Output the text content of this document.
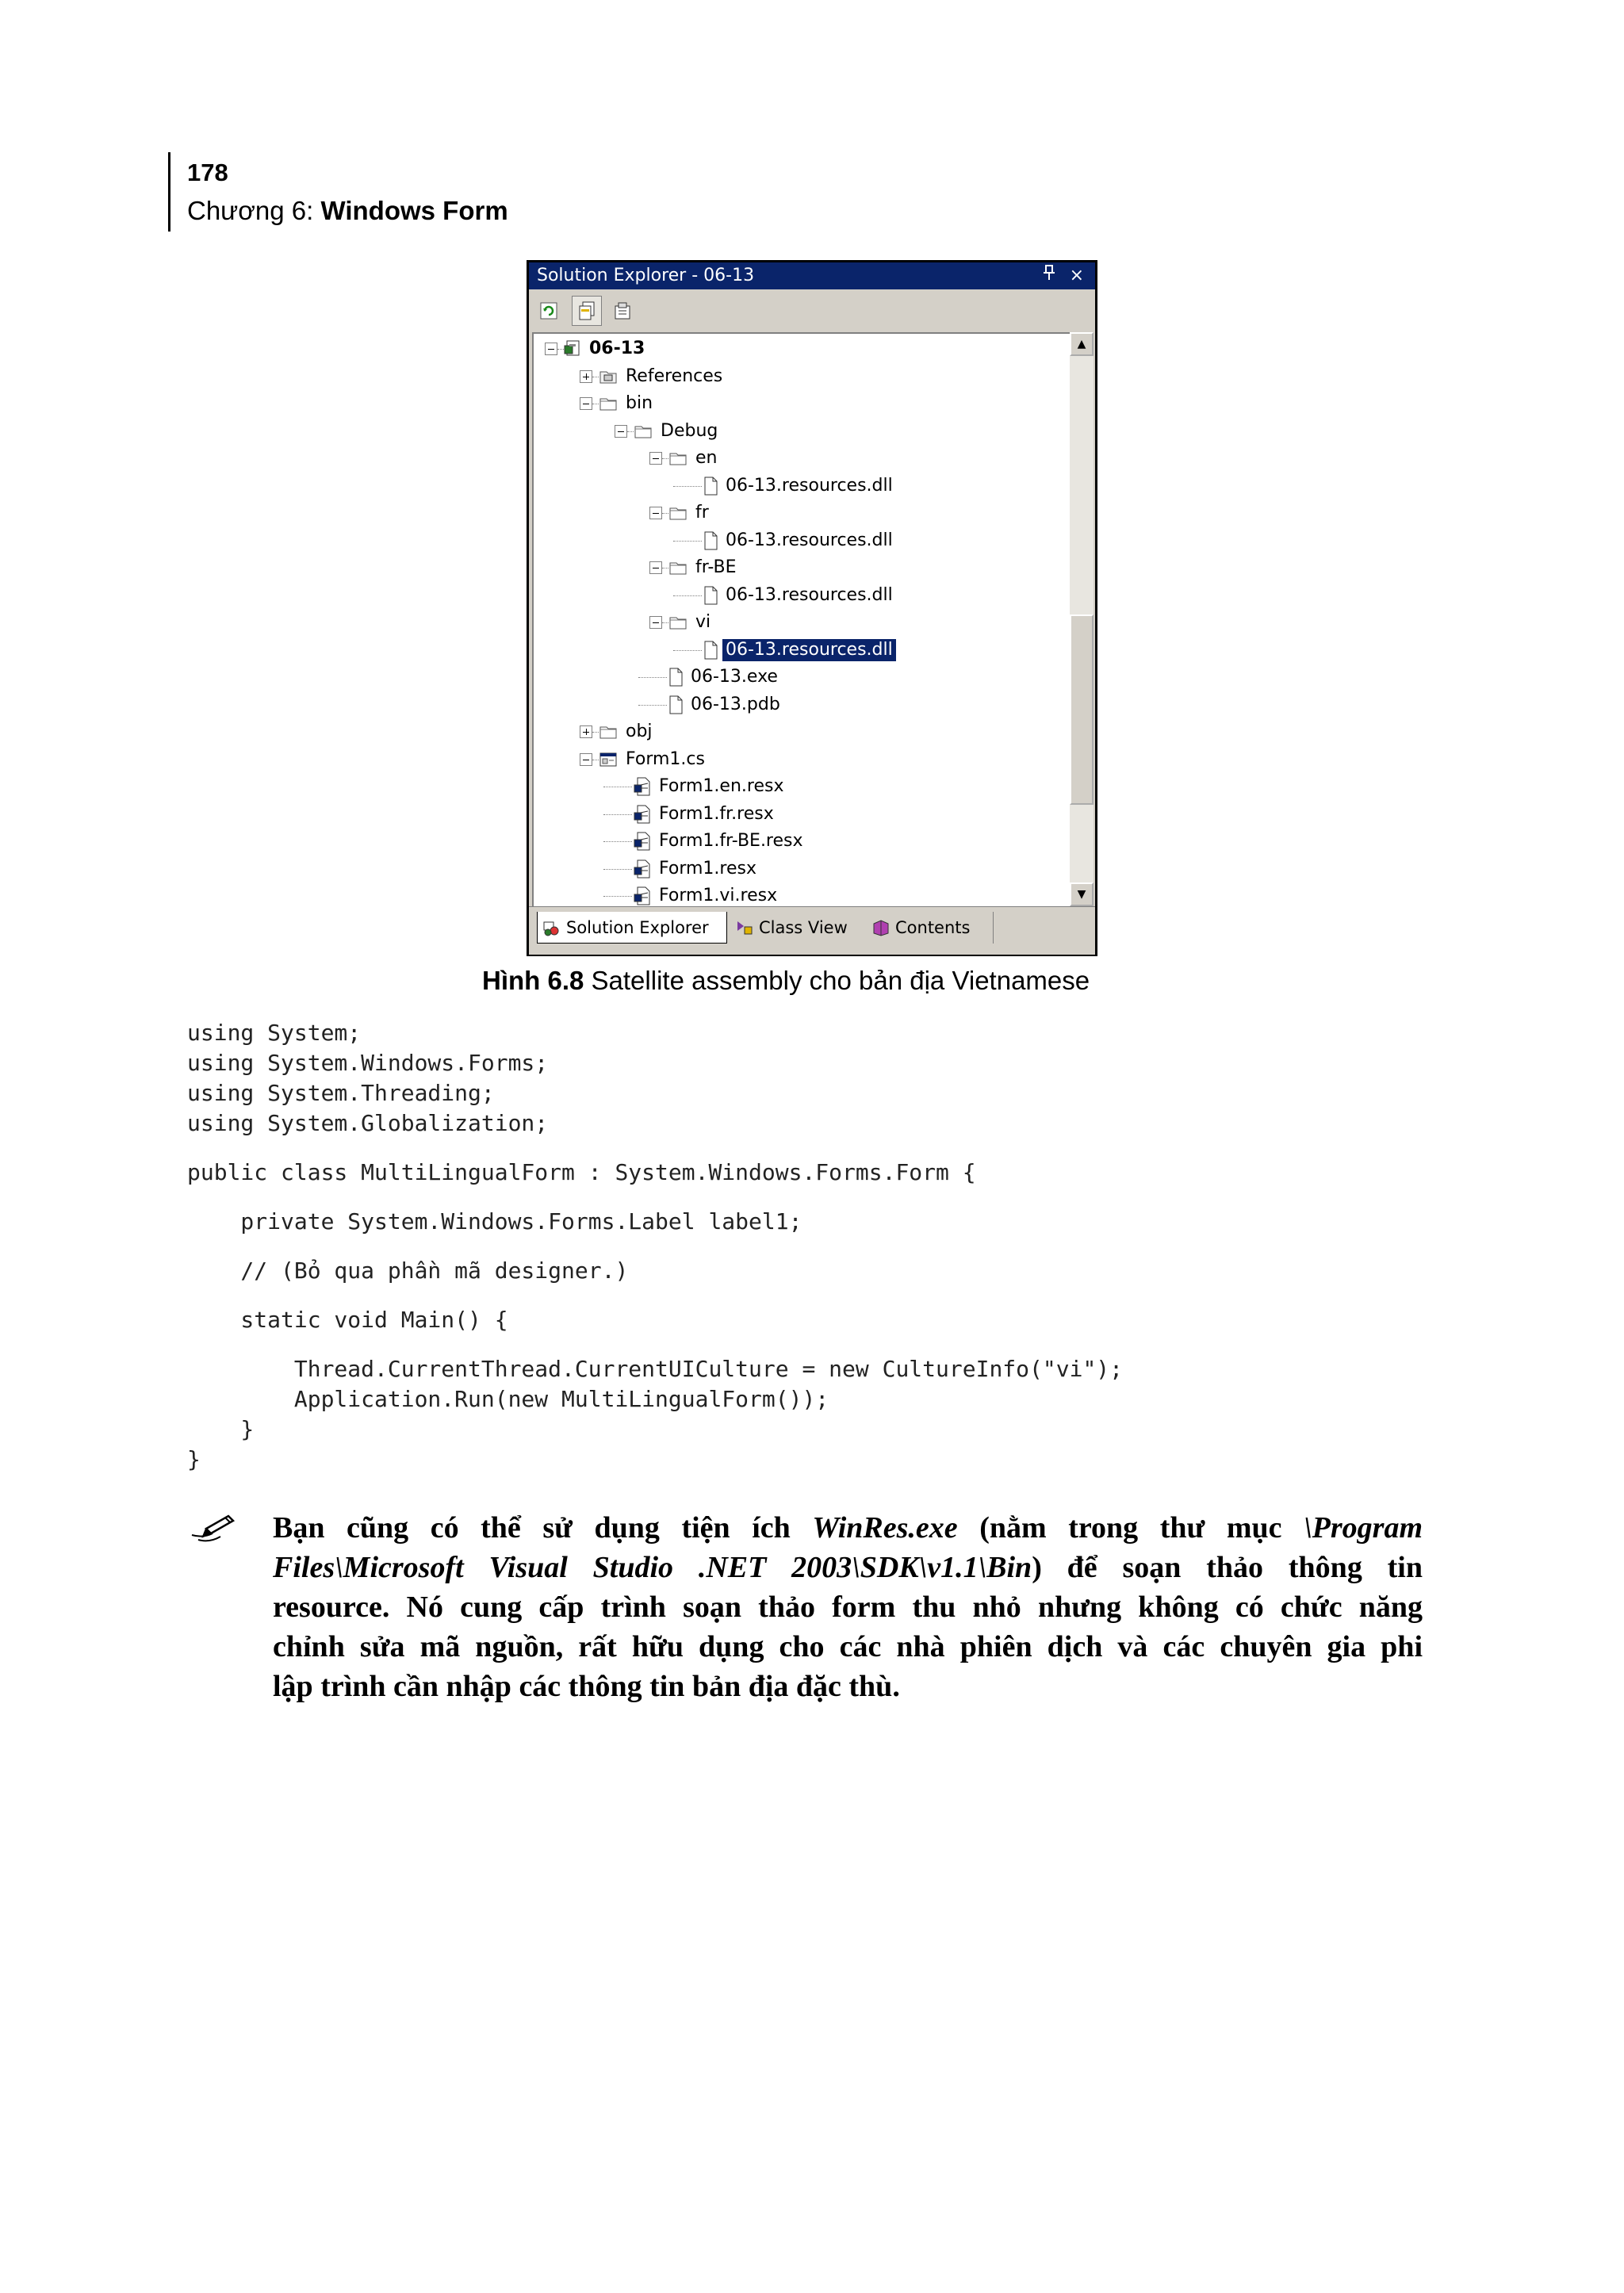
178
Chương 6: Windows Form
Solution Explorer - 06-13	×
06-13
References
bin
Debug
en
06-13.resources.dll
fr
06-13.resources.dll
fr-BE
06-13.resources.dll
vi
06-13.resources.dll
06-13.exe
06-13.pdb
obj
Form1.cs
Form1.en.resx
Form1.fr.resx
Form1.fr-BE.resx
Form1.resx
Form1.vi.resx
▲
▼
Solution Explorer	Class View	Contents
Hình 6.8 Satellite assembly cho bản địa Vietnamese
using System;
using System.Windows.Forms;
using System.Threading;
using System.Globalization;
public class MultiLingualForm : System.Windows.Forms.Form {
private System.Windows.Forms.Label label1;
// (Bỏ qua phần mã designer.)
static void Main() {
Thread.CurrentThread.CurrentUICulture = new CultureInfo("vi");
Application.Run(new MultiLingualForm());
}
}
Bạn cũng có thể sử dụng tiện ích WinRes.exe (nằm trong thư mục \Program
Files\Microsoft Visual Studio .NET 2003\SDK\v1.1\Bin) để soạn thảo thông tin
resource. Nó cung cấp trình soạn thảo form thu nhỏ nhưng không có chức năng
chỉnh sửa mã nguồn, rất hữu dụng cho các nhà phiên dịch và các chuyên gia phi
lập trình cần nhập các thông tin bản địa đặc thù.
